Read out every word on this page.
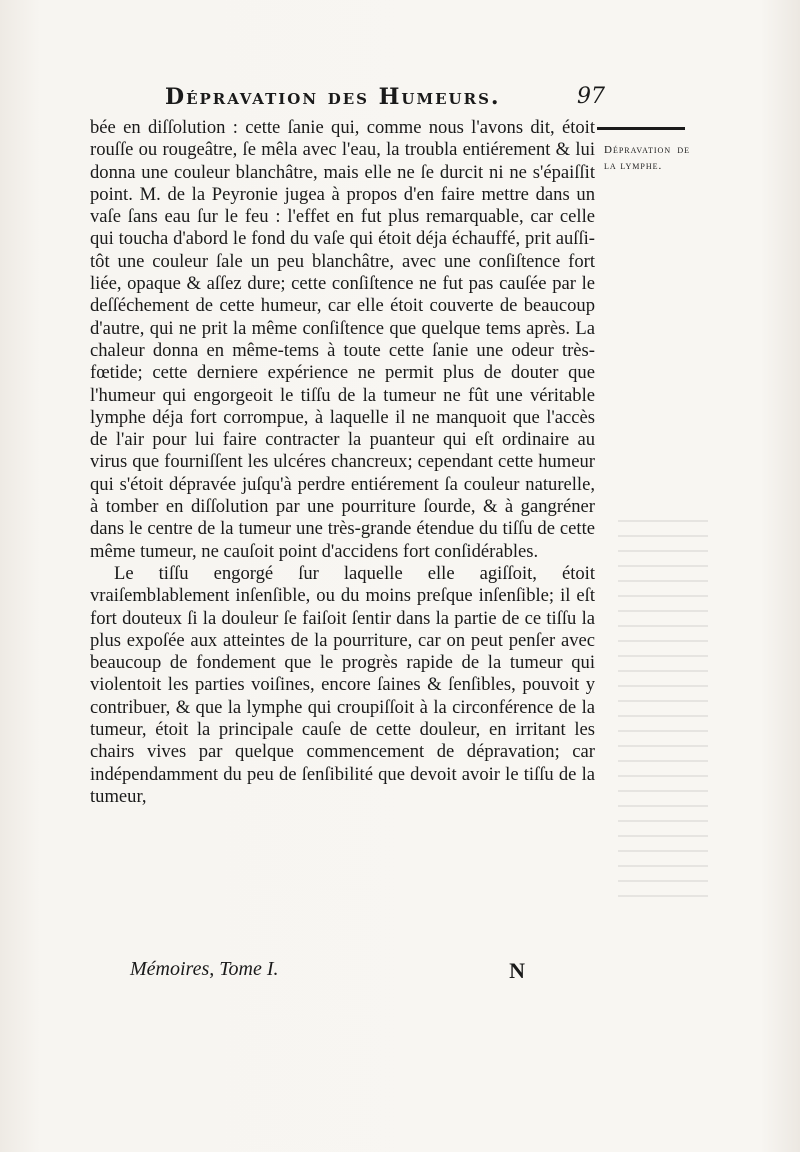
Dépravation des Humeurs.	97

bée en diſſolution : cette ſanie qui, comme nous l'avons dit, étoit rouſſe ou rougeâtre, ſe mêla avec l'eau, la troubla entiérement & lui donna une couleur blanchâtre, mais elle ne ſe durcit ni ne s'épaiſſit point. M. de la Peyronie jugea à propos d'en faire mettre dans un vaſe ſans eau ſur le feu : l'effet en fut plus remarquable, car celle qui toucha d'abord le fond du vaſe qui étoit déja échauffé, prit auſſi-tôt une couleur ſale un peu blanchâtre, avec une conſiſtence fort liée, opaque & aſſez dure; cette conſiſtence ne fut pas cauſée par le deſſéchement de cette humeur, car elle étoit couverte de beaucoup d'autre, qui ne prit la même conſiſtence que quelque tems après. La chaleur donna en même-tems à toute cette ſanie une odeur très-fœtide; cette derniere expérience ne permit plus de douter que l'humeur qui engorgeoit le tiſſu de la tumeur ne fût une véritable lymphe déja fort corrompue, à laquelle il ne manquoit que l'accès de l'air pour lui faire contracter la puanteur qui eſt ordinaire au virus que fourniſſent les ulcéres chancreux; cependant cette humeur qui s'étoit dépravée juſqu'à perdre entiérement ſa couleur naturelle, à tomber en diſſolution par une pourriture ſourde, & à gangréner dans le centre de la tumeur une très-grande étendue du tiſſu de cette même tumeur, ne cauſoit point d'accidens fort conſidérables.

Le tiſſu engorgé ſur laquelle elle agiſſoit, étoit vraiſemblablement inſenſible, ou du moins preſque inſenſible; il eſt fort douteux ſi la douleur ſe faiſoit ſentir dans la partie de ce tiſſu la plus expoſée aux atteintes de la pourriture, car on peut penſer avec beaucoup de fondement que le progrès rapide de la tumeur qui violentoit les parties voiſines, encore ſaines & ſenſibles, pouvoit y contribuer, & que la lymphe qui croupiſſoit à la circonférence de la tumeur, étoit la principale cauſe de cette douleur, en irritant les chairs vives par quelque commencement de dépravation; car indépendamment du peu de ſenſibilité que devoit avoir le tiſſu de la tumeur,

Dépravation de la lymphe.
Mémoires, Tome I.	N
